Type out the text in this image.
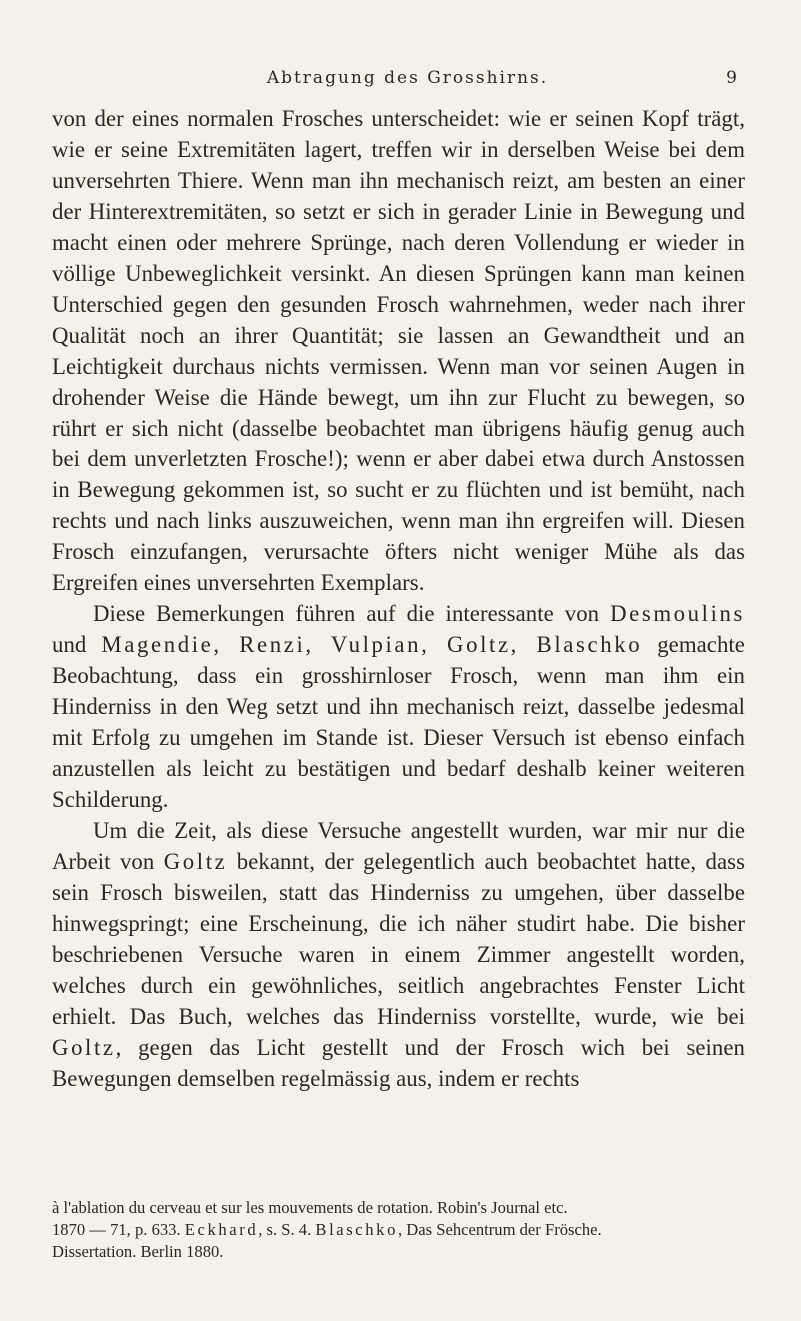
Abtragung des Grosshirns.	9

von der eines normalen Frosches unterscheidet: wie er seinen Kopf trägt, wie er seine Extremitäten lagert, treffen wir in derselben Weise bei dem unversehrten Thiere. Wenn man ihn mechanisch reizt, am besten an einer der Hinterextremitäten, so setzt er sich in gerader Linie in Bewegung und macht einen oder mehrere Sprünge, nach deren Vollendung er wieder in völlige Unbeweglichkeit versinkt. An diesen Sprüngen kann man keinen Unterschied gegen den gesunden Frosch wahrnehmen, weder nach ihrer Qualität noch an ihrer Quantität; sie lassen an Gewandtheit und an Leichtigkeit durchaus nichts vermissen. Wenn man vor seinen Augen in drohender Weise die Hände bewegt, um ihn zur Flucht zu bewegen, so rührt er sich nicht (dasselbe beobachtet man übrigens häufig genug auch bei dem unverletzten Frosche!); wenn er aber dabei etwa durch Anstossen in Bewegung gekommen ist, so sucht er zu flüchten und ist bemüht, nach rechts und nach links auszuweichen, wenn man ihn ergreifen will. Diesen Frosch einzufangen, verursachte öfters nicht weniger Mühe als das Ergreifen eines unversehrten Exemplars.

Diese Bemerkungen führen auf die interessante von Desmoulins und Magendie, Renzi, Vulpian, Goltz, Blaschko gemachte Beobachtung, dass ein grosshirnloser Frosch, wenn man ihm ein Hinderniss in den Weg setzt und ihn mechanisch reizt, dasselbe jedesmal mit Erfolg zu umgehen im Stande ist. Dieser Versuch ist ebenso einfach anzustellen als leicht zu bestätigen und bedarf deshalb keiner weiteren Schilderung.

Um die Zeit, als diese Versuche angestellt wurden, war mir nur die Arbeit von Goltz bekannt, der gelegentlich auch beobachtet hatte, dass sein Frosch bisweilen, statt das Hinderniss zu umgehen, über dasselbe hinwegspringt; eine Erscheinung, die ich näher studirt habe. Die bisher beschriebenen Versuche waren in einem Zimmer angestellt worden, welches durch ein gewöhnliches, seitlich angebrachtes Fenster Licht erhielt. Das Buch, welches das Hinderniss vorstellte, wurde, wie bei Goltz, gegen das Licht gestellt und der Frosch wich bei seinen Bewegungen demselben regelmässig aus, indem er rechts

à l'ablation du cerveau et sur les mouvements de rotation. Robin's Journal etc.
1870 — 71, p. 633. Eckhard, s. S. 4. Blaschko, Das Sehcentrum der Frösche.
Dissertation. Berlin 1880.
